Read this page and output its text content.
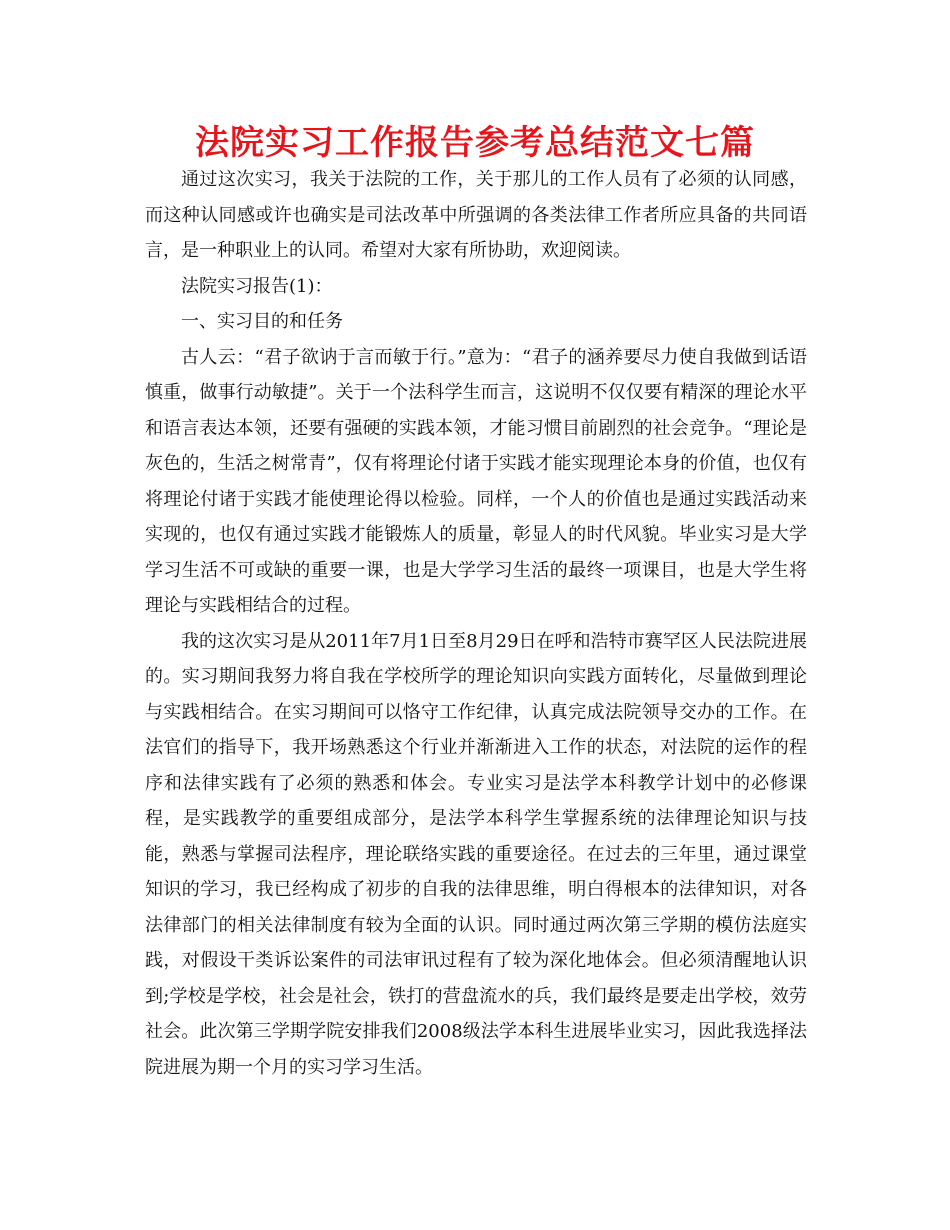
法院实习工作报告参考总结范文七篇

通过这次实习，我关于法院的工作，关于那儿的工作人员有了必须的认同感，而这种认同感或许也确实是司法改革中所强调的各类法律工作者所应具备的共同语言，是一种职业上的认同。希望对大家有所协助，欢迎阅读。

法院实习报告(1)：

一、实习目的和任务

古人云：“君子欲讷于言而敏于行。”意为：“君子的涵养要尽力使自我做到话语慎重，做事行动敏捷”。关于一个法科学生而言，这说明不仅仅要有精深的理论水平和语言表达本领，还要有强硬的实践本领，才能习惯目前剧烈的社会竞争。“理论是灰色的，生活之树常青”，仅有将理论付诸于实践才能实现理论本身的价值，也仅有将理论付诸于实践才能使理论得以检验。同样，一个人的价值也是通过实践活动来实现的，也仅有通过实践才能锻炼人的质量，彰显人的时代风貌。毕业实习是大学学习生活不可或缺的重要一课，也是大学学习生活的最终一项课目，也是大学生将理论与实践相结合的过程。

我的这次实习是从2011年7月1日至8月29日在呼和浩特市赛罕区人民法院进展的。实习期间我努力将自我在学校所学的理论知识向实践方面转化，尽量做到理论与实践相结合。在实习期间可以恪守工作纪律，认真完成法院领导交办的工作。在法官们的指导下，我开场熟悉这个行业并渐渐进入工作的状态，对法院的运作的程序和法律实践有了必须的熟悉和体会。专业实习是法学本科教学计划中的必修课程，是实践教学的重要组成部分，是法学本科学生掌握系统的法律理论知识与技能，熟悉与掌握司法程序，理论联络实践的重要途径。在过去的三年里，通过课堂知识的学习，我已经构成了初步的自我的法律思维，明白得根本的法律知识，对各法律部门的相关法律制度有较为全面的认识。同时通过两次第三学期的模仿法庭实践，对假设干类诉讼案件的司法审讯过程有了较为深化地体会。但必须清醒地认识到;学校是学校，社会是社会，铁打的营盘流水的兵，我们最终是要走出学校，效劳社会。此次第三学期学院安排我们2008级法学本科生进展毕业实习，因此我选择法院进展为期一个月的实习学习生活。
